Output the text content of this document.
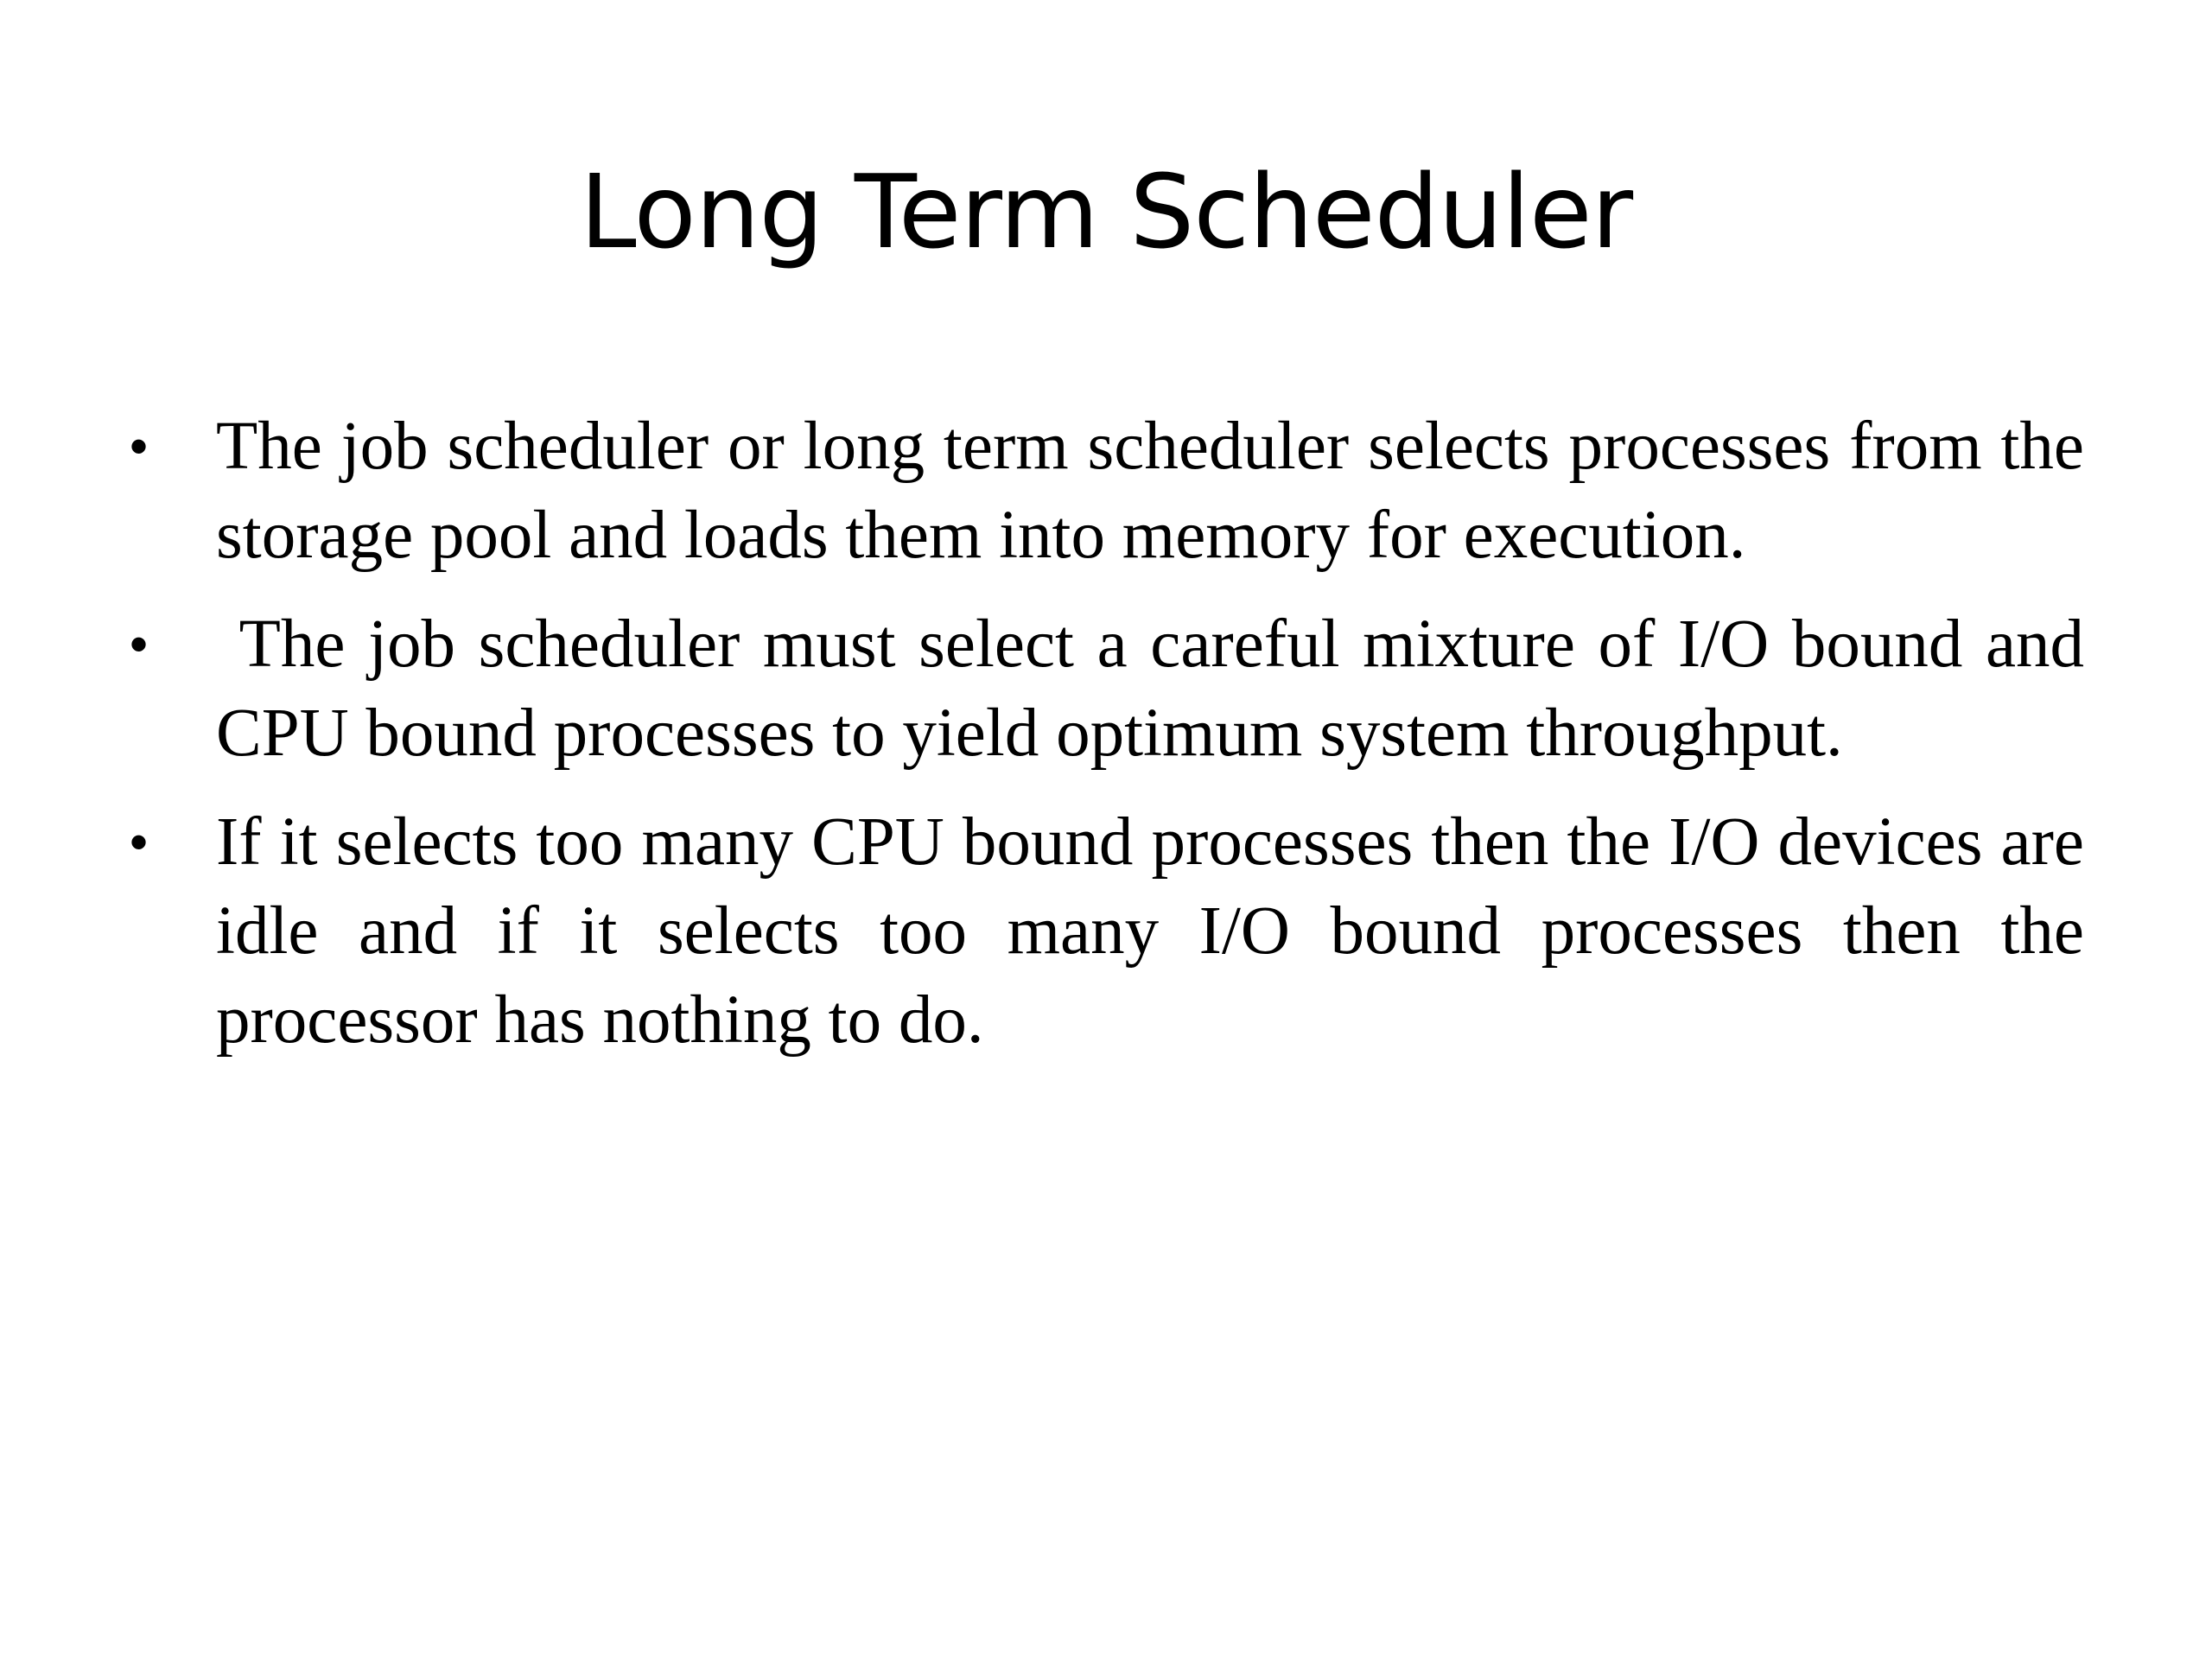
Long Term Scheduler
• The job scheduler or long term scheduler selects processes from the storage pool and loads them into memory for execution.
• The job scheduler must select a careful mixture of I/O bound and CPU bound processes to yield optimum system throughput.
• If it selects too many CPU bound processes then the I/O devices are idle and if it selects too many I/O bound processes then the processor has nothing to do.
